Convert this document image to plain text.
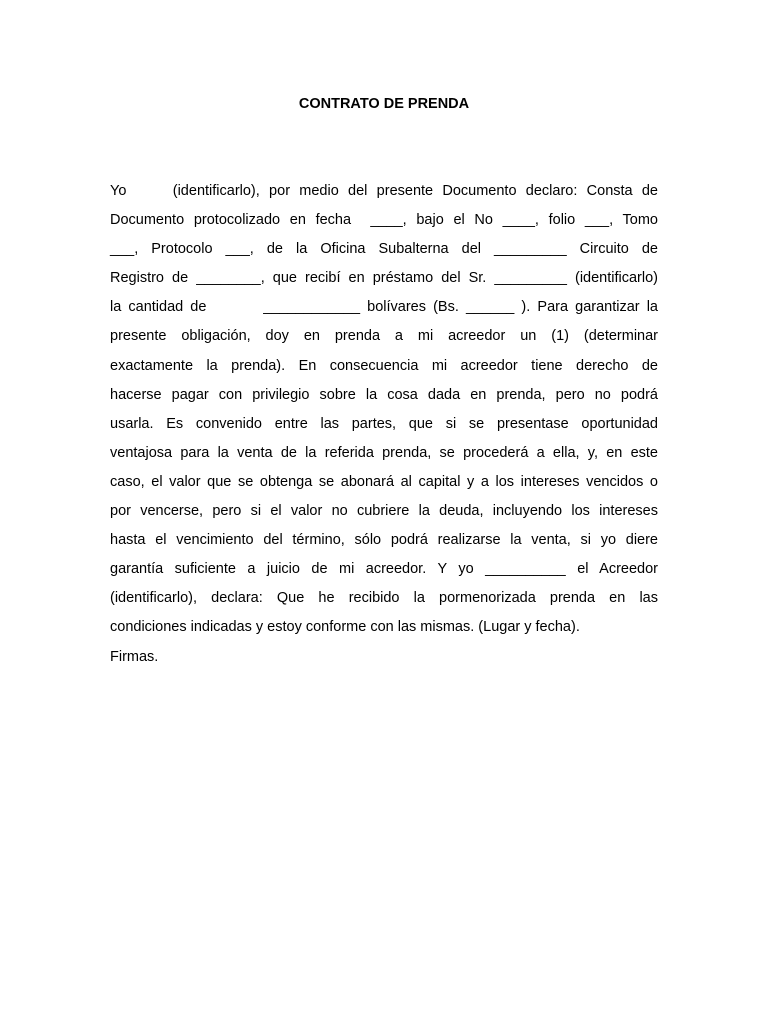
CONTRATO DE PRENDA
Yo     (identificarlo), por medio del presente Documento declaro: Consta de
Documento protocolizado en fecha  ____, bajo el No ____, folio ___, Tomo
___, Protocolo ___, de la Oficina Subalterna del _________ Circuito de
Registro de ________, que recibí en préstamo del Sr. _________ (identificarlo)
la cantidad de        ____________ bolívares (Bs. ______ ). Para garantizar la
presente obligación, doy en prenda a mi acreedor un (1) (determinar
exactamente la prenda). En consecuencia mi acreedor tiene derecho de
hacerse pagar con privilegio sobre la cosa dada en prenda, pero no podrá
usarla. Es convenido entre las partes, que si se presentase oportunidad
ventajosa para la venta de la referida prenda, se procederá a ella, y, en este
caso, el valor que se obtenga se abonará al capital y a los intereses vencidos o
por vencerse, pero si el valor no cubriere la deuda, incluyendo los intereses
hasta el vencimiento del término, sólo podrá realizarse la venta, si yo diere
garantía suficiente a juicio de mi acreedor. Y yo __________ el Acreedor
(identificarlo), declara: Que he recibido la pormenorizada prenda en las
condiciones indicadas y estoy conforme con las mismas. (Lugar y fecha).
Firmas.
